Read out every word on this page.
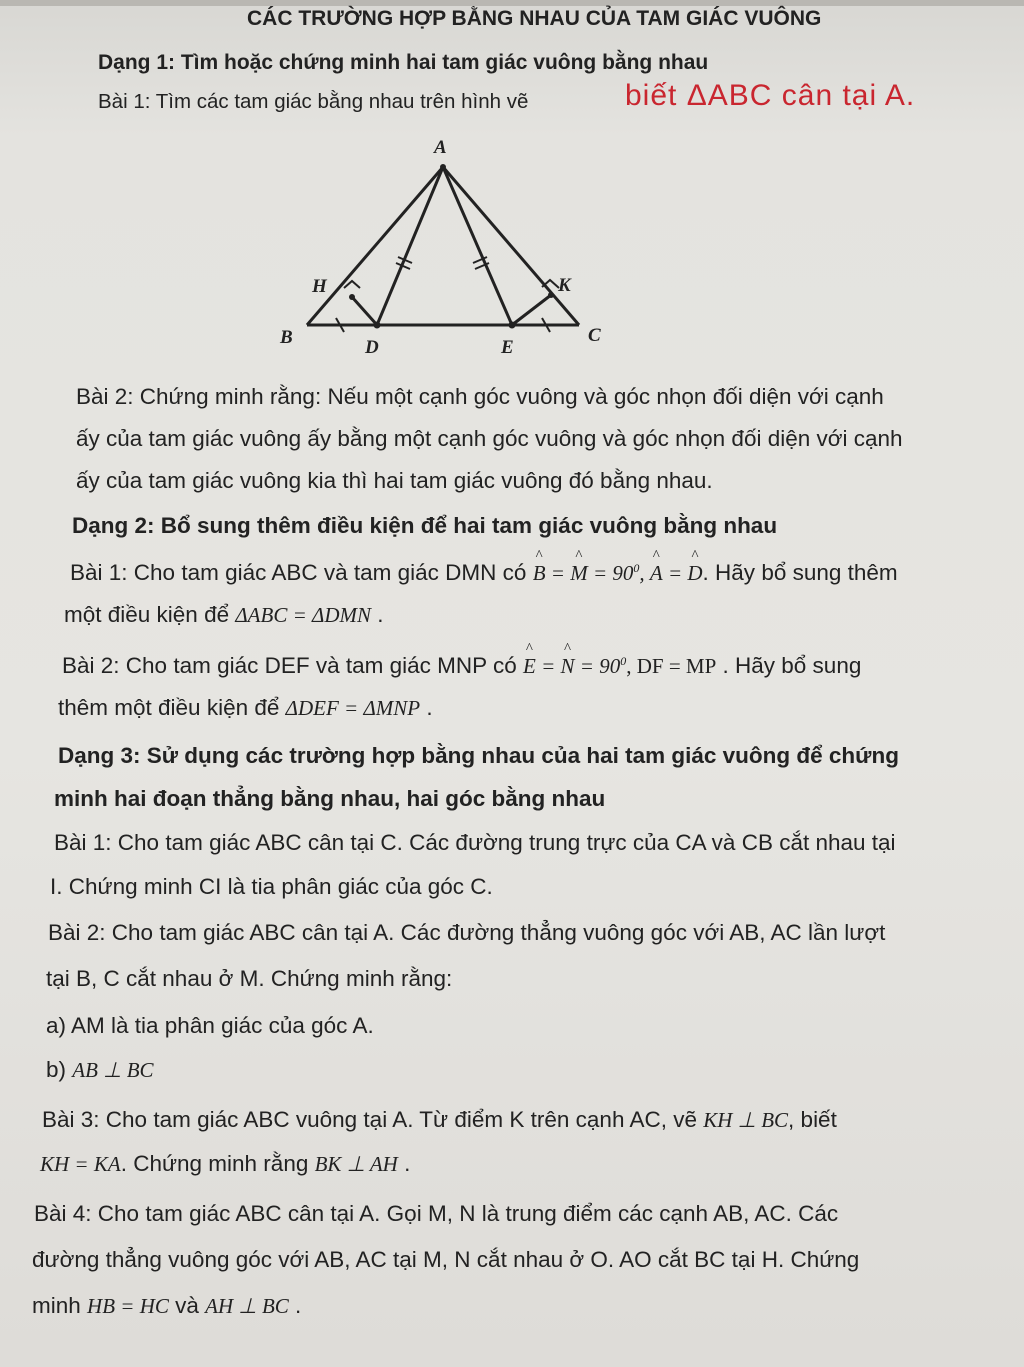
CÁC TRƯỜNG HỢP BẰNG NHAU CỦA TAM GIÁC VUÔNG
Dạng 1: Tìm hoặc chứng minh hai tam giác vuông bằng nhau
Bài 1: Tìm các tam giác bằng nhau trên hình vẽ	biết ΔABC cân tại A.
A
B	C
D	E
H	K
Bài 2: Chứng minh rằng: Nếu một cạnh góc vuông và góc nhọn đối diện với cạnh
ấy của tam giác vuông ấy bằng một cạnh góc vuông và góc nhọn đối diện với cạnh
ấy của tam giác vuông kia thì hai tam giác vuông đó bằng nhau.
Dạng 2: Bổ sung thêm điều kiện để hai tam giác vuông bằng nhau
Bài 1: Cho tam giác ABC và tam giác DMN có ^ B = ^ $M = 90^0$, ^ A = ^ D. Hãy bổ sung thêm
một điều kiện để ΔABC = ΔDMN .
Bài 2: Cho tam giác DEF và tam giác MNP có ^ E = ^ $N = 90^0$, DF = MP . Hãy bổ sung
thêm một điều kiện để ΔDEF = ΔMNP .
Dạng 3: Sử dụng các trường hợp bằng nhau của hai tam giác vuông để chứng
minh hai đoạn thẳng bằng nhau, hai góc bằng nhau
Bài 1: Cho tam giác ABC cân tại C. Các đường trung trực của CA và CB cắt nhau tại
I. Chứng minh CI là tia phân giác của góc C.
Bài 2: Cho tam giác ABC cân tại A. Các đường thẳng vuông góc với AB, AC lần lượt
tại B, C cắt nhau ở M. Chứng minh rằng:
a) AM là tia phân giác của góc A.
b) AB ⊥ BC
Bài 3: Cho tam giác ABC vuông tại A. Từ điểm K trên cạnh AC, vẽ KH ⊥ BC, biết
KH = KA. Chứng minh rằng BK ⊥ AH .
Bài 4: Cho tam giác ABC cân tại A. Gọi M, N là trung điểm các cạnh AB, AC. Các
đường thẳng vuông góc với AB, AC tại M, N cắt nhau ở O. AO cắt BC tại H. Chứng
minh HB = HC và AH ⊥ BC .
